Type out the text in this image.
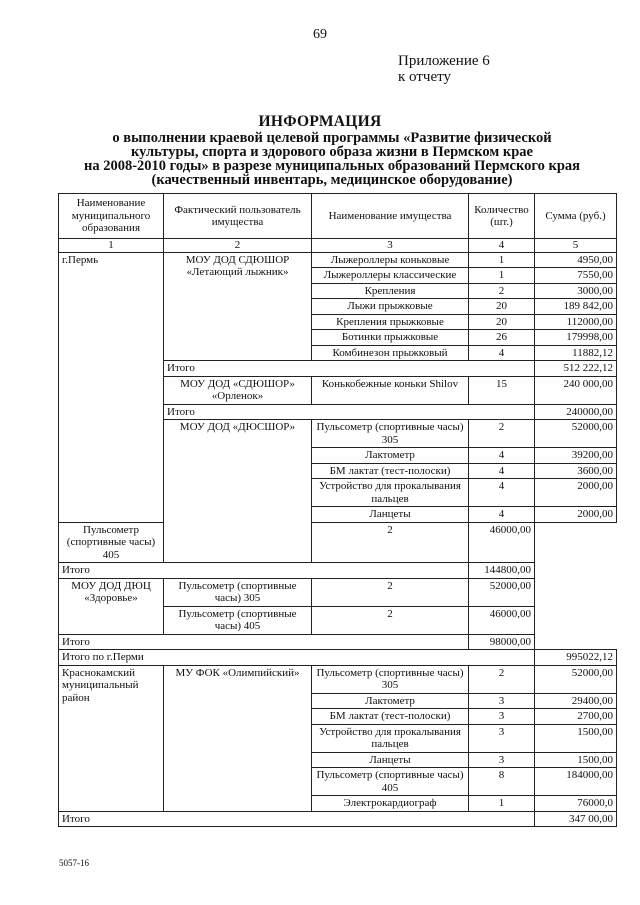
69
Приложение 6
к отчету
ИНФОРМАЦИЯ
о выполнении краевой целевой программы «Развитие физической
культуры, спорта и здорового образа жизни в Пермском крае
на 2008-2010 годы» в разрезе муниципальных образований Пермского края
(качественный инвентарь, медицинское оборудование)
Наименование муниципального образования	Фактический пользователь имущества	Наименование имущества	Количество (шт.)	Сумма (руб.)
1	2	3	4	5
г.Пермь	МОУ ДОД СДЮШОР «Летающий лыжник»	Лыжероллеры коньковые	1	4950,00
		Лыжероллеры классические	1	7550,00
		Крепления	2	3000,00
		Лыжи прыжковые	20	189 842,00
		Крепления прыжковые	20	112000,00
		Ботинки прыжковые	26	179998,00
		Комбинезон прыжковый	4	11882,12
	Итого			512 222,12
	МОУ ДОД «СДЮШОР» «Орленок»	Конькобежные коньки Shilov	15	240 000,00
	Итого			240000,00
	МОУ ДОД «ДЮСШОР»	Пульсометр (спортивные часы) 305	2	52000,00
		Лактометр	4	39200,00
		БМ лактат (тест-полоски)	4	3600,00
		Устройство для прокалывания пальцев	4	2000,00
		Ланцеты	4	2000,00
Пульсометр (спортивные часы) 405		2	46000,00	
Итого			144800,00	
МОУ ДОД ДЮЦ «Здоровье»	Пульсометр (спортивные часы) 305	2	52000,00	
	Пульсометр (спортивные часы) 405	2	46000,00	
Итого			98000,00	
Итого по г.Перми				995022,12
Краснокамский муниципальный район	МУ ФОК «Олимпийский»	Пульсометр (спортивные часы) 305	2	52000,00
		Лактометр	3	29400,00
		БМ лактат (тест-полоски)	3	2700,00
		Устройство для прокалывания пальцев	3	1500,00
		Ланцеты	3	1500,00
		Пульсометр (спортивные часы) 405	8	184000,00
		Электрокардиограф	1	76000,0
Итого				347 00,00
5057-16
